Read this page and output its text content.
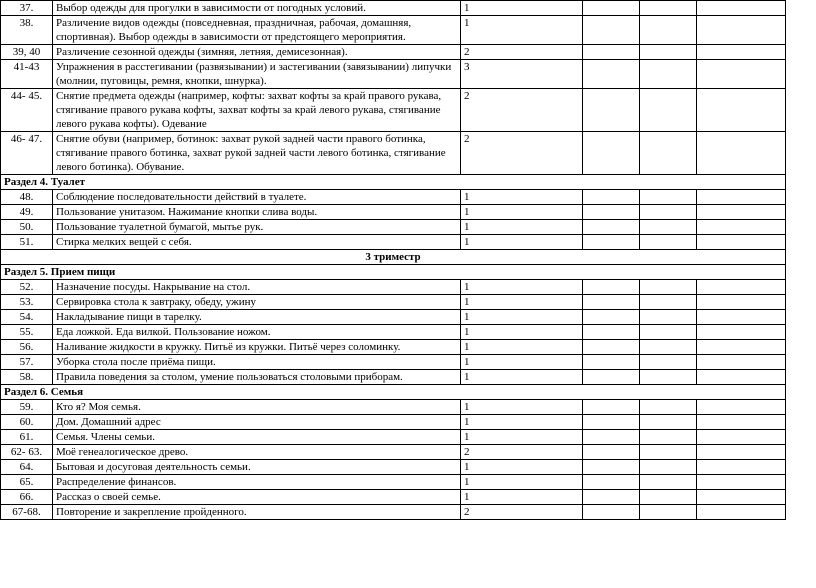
37.	Выбор одежды для прогулки в зависимости от погодных условий.	1			
38.	Различение видов одежды (повседневная, праздничная, рабочая, домашняя, спортивная). Выбор одежды в зависимости от предстоящего мероприятия.	1			
39, 40	Различение сезонной одежды (зимняя, летняя, демисезонная).	2			
41-43	Упражнения в расстегивании (развязывании) и застегивании (завязывании) липучки (молнии, пуговицы, ремня, кнопки, шнурка).	3			
44- 45.	Снятие предмета одежды (например, кофты: захват кофты за край правого рукава, стягивание правого рукава кофты, захват кофты за край левого рукава, стягивание левого рукава кофты). Одевание	2			
46- 47.	Снятие обуви (например, ботинок: захват рукой задней части правого ботинка, стягивание правого ботинка, захват рукой задней части левого ботинка, стягивание левого ботинка). Обувание.	2			
Раздел 4. Туалет					
48.	Соблюдение последовательности действий в туалете.	1			
49.	Пользование унитазом. Нажимание кнопки слива воды.	1			
50.	Пользование туалетной бумагой, мытье рук.	1			
51.	Стирка мелких вещей с себя.	1			
3 триместр					
Раздел 5. Прием пищи					
52.	Назначение посуды. Накрывание на стол.	1			
53.	Сервировка стола к завтраку, обеду, ужину	1			
54.	Накладывание пищи в тарелку.	1			
55.	Еда ложкой. Еда вилкой. Пользование ножом.	1			
56.	Наливание жидкости в кружку. Питьё из кружки. Питьё через соломинку.	1			
57.	Уборка стола после приёма пищи.	1			
58.	Правила поведения за столом, умение пользоваться столовыми приборам.	1			
Раздел 6. Семья					
59.	Кто я? Моя семья.	1			
60.	Дом. Домашний адрес	1			
61.	Семья. Члены семьи.	1			
62- 63.	Моё генеалогическое древо.	2			
64.	Бытовая и досуговая деятельность семьи.	1			
65.	Распределение финансов.	1			
66.	Рассказ о своей семье.	1			
67-68.	Повторение и закрепление пройденного.	2			
